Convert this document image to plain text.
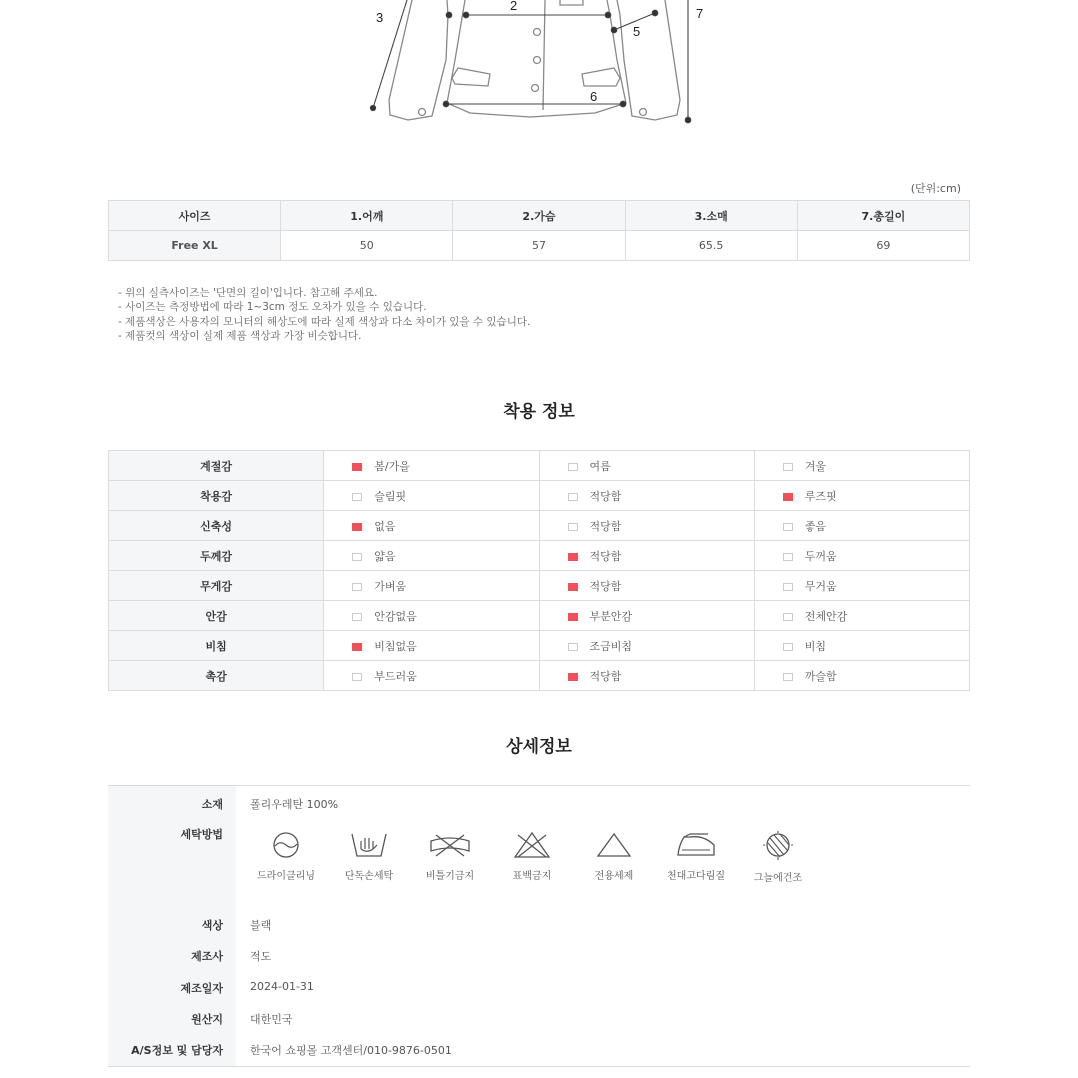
2
3
5
6
7
(단위:cm)
사이즈	1.어깨	2.가슴	3.소매	7.총길이
Free XL	50	57	65.5	69
- 위의 실측사이즈는 '단면의 길이'입니다. 참고해 주세요.
- 사이즈는 측정방법에 따라 1~3cm 정도 오차가 있을 수 있습니다.
- 제품색상은 사용자의 모니터의 해상도에 따라 실제 색상과 다소 차이가 있을 수 있습니다.
- 제품컷의 색상이 실제 제품 색상과 가장 비슷합니다.
착용 정보
계절감	봄/가을	여름	겨울
착용감	슬림핏	적당함	루즈핏
신축성	없음	적당함	좋음
두께감	얇음	적당함	두꺼움
무게감	가벼움	적당함	무거움
안감	안감없음	부분안감	전체안감
비침	비침없음	조금비침	비침
촉감	부드러움	적당함	까슬함
상세정보
소재 폴리우레탄 100%
세탁방법
드라이클리닝	단독손세탁	비틀기금지	표백금지	전용세제	천대고다림질	그늘에건조
색상 블랙
제조사 적도
제조일자 2024-01-31
원산지 대한민국
A/S정보 및 담당자 한국어 쇼핑몰 고객센터/010-9876-0501
